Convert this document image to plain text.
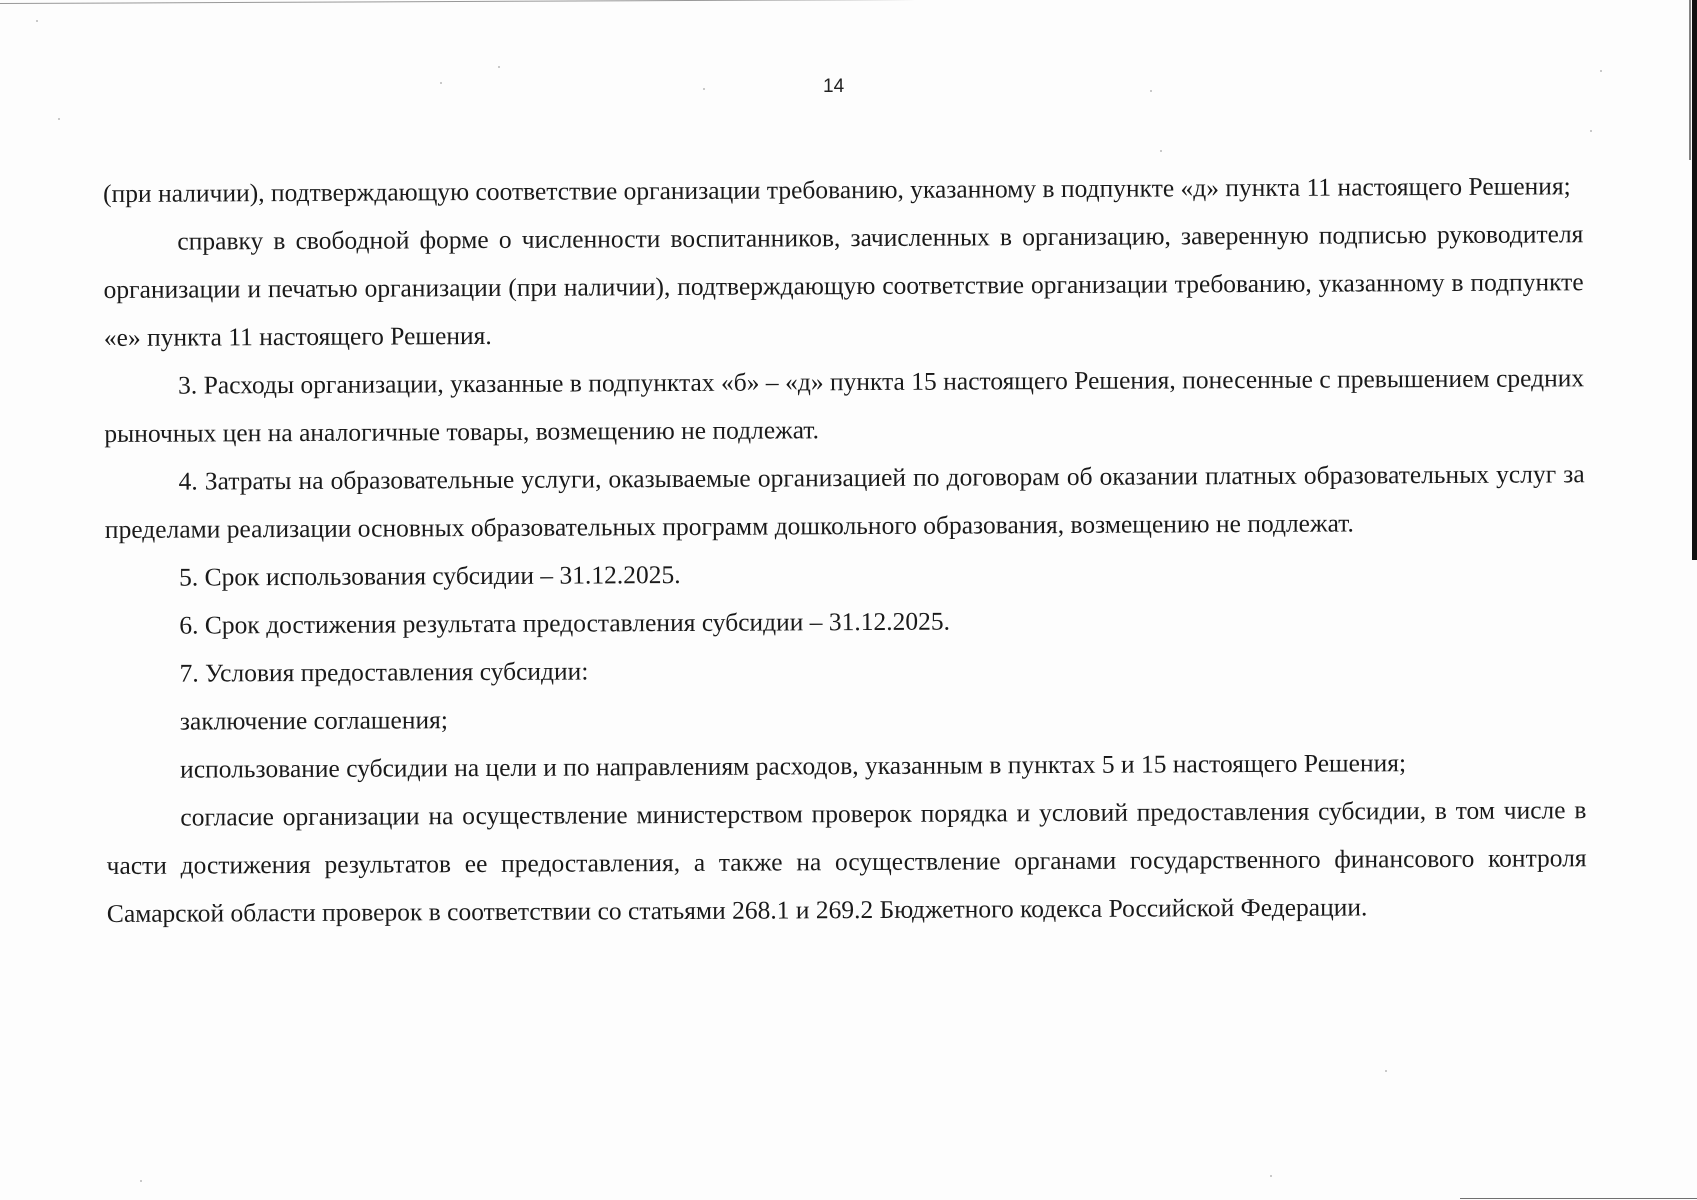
14

(при наличии), подтверждающую соответствие организации требованию, указанному в подпункте «д» пункта 11 настоящего Решения;

справку в свободной форме о численности воспитанников, зачисленных в организацию, заверенную подписью руководителя организации и печатью организации (при наличии), подтверждающую соответствие организации требованию, указанному в подпункте «е» пункта 11 настоящего Решения.

3. Расходы организации, указанные в подпунктах «б» – «д» пункта 15 настоящего Решения, понесенные с превышением средних рыночных цен на аналогичные товары, возмещению не подлежат.

4. Затраты на образовательные услуги, оказываемые организацией по договорам об оказании платных образовательных услуг за пределами реализации основных образовательных программ дошкольного образования, возмещению не подлежат.

5. Срок использования субсидии – 31.12.2025.

6. Срок достижения результата предоставления субсидии – 31.12.2025.

7. Условия предоставления субсидии:

заключение соглашения;

использование субсидии на цели и по направлениям расходов, указанным в пунктах 5 и 15 настоящего Решения;

согласие организации на осуществление министерством проверок порядка и условий предоставления субсидии, в том числе в части достижения результатов ее предоставления, а также на осуществление органами государственного финансового контроля Самарской области проверок в соответствии со статьями 268.1 и 269.2 Бюджетного кодекса Российской Федерации.
